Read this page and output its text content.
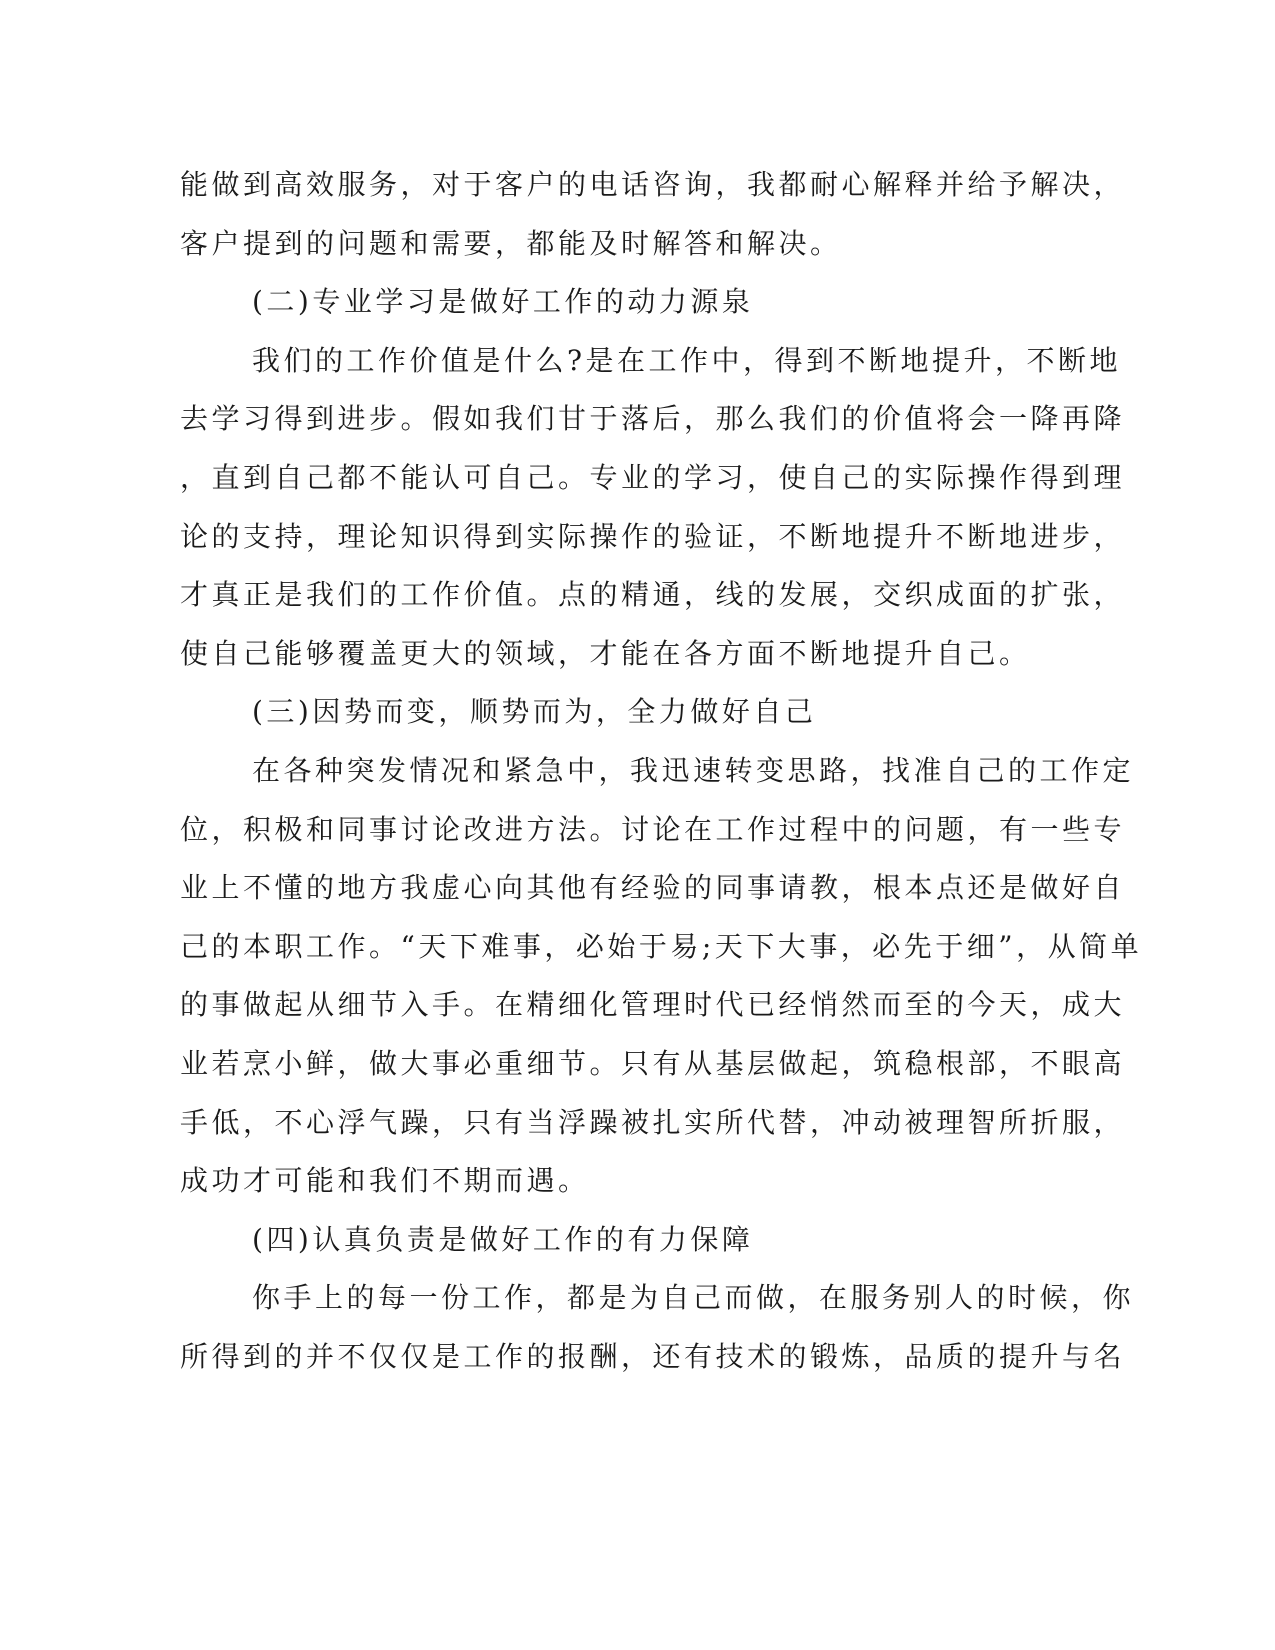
能做到高效服务，对于客户的电话咨询，我都耐心解释并给予解决，
客户提到的问题和需要，都能及时解答和解决。
(二)专业学习是做好工作的动力源泉
我们的工作价值是什么?是在工作中，得到不断地提升，不断地
去学习得到进步。假如我们甘于落后，那么我们的价值将会一降再降
，直到自己都不能认可自己。专业的学习，使自己的实际操作得到理
论的支持，理论知识得到实际操作的验证，不断地提升不断地进步，
才真正是我们的工作价值。点的精通，线的发展，交织成面的扩张，
使自己能够覆盖更大的领域，才能在各方面不断地提升自己。
(三)因势而变，顺势而为，全力做好自己
在各种突发情况和紧急中，我迅速转变思路，找准自己的工作定
位，积极和同事讨论改进方法。讨论在工作过程中的问题，有一些专
业上不懂的地方我虚心向其他有经验的同事请教，根本点还是做好自
己的本职工作。“天下难事，必始于易;天下大事，必先于细”，从简单
的事做起从细节入手。在精细化管理时代已经悄然而至的今天，成大
业若烹小鲜，做大事必重细节。只有从基层做起，筑稳根部，不眼高
手低，不心浮气躁，只有当浮躁被扎实所代替，冲动被理智所折服，
成功才可能和我们不期而遇。
(四)认真负责是做好工作的有力保障
你手上的每一份工作，都是为自己而做，在服务别人的时候，你
所得到的并不仅仅是工作的报酬，还有技术的锻炼，品质的提升与名
